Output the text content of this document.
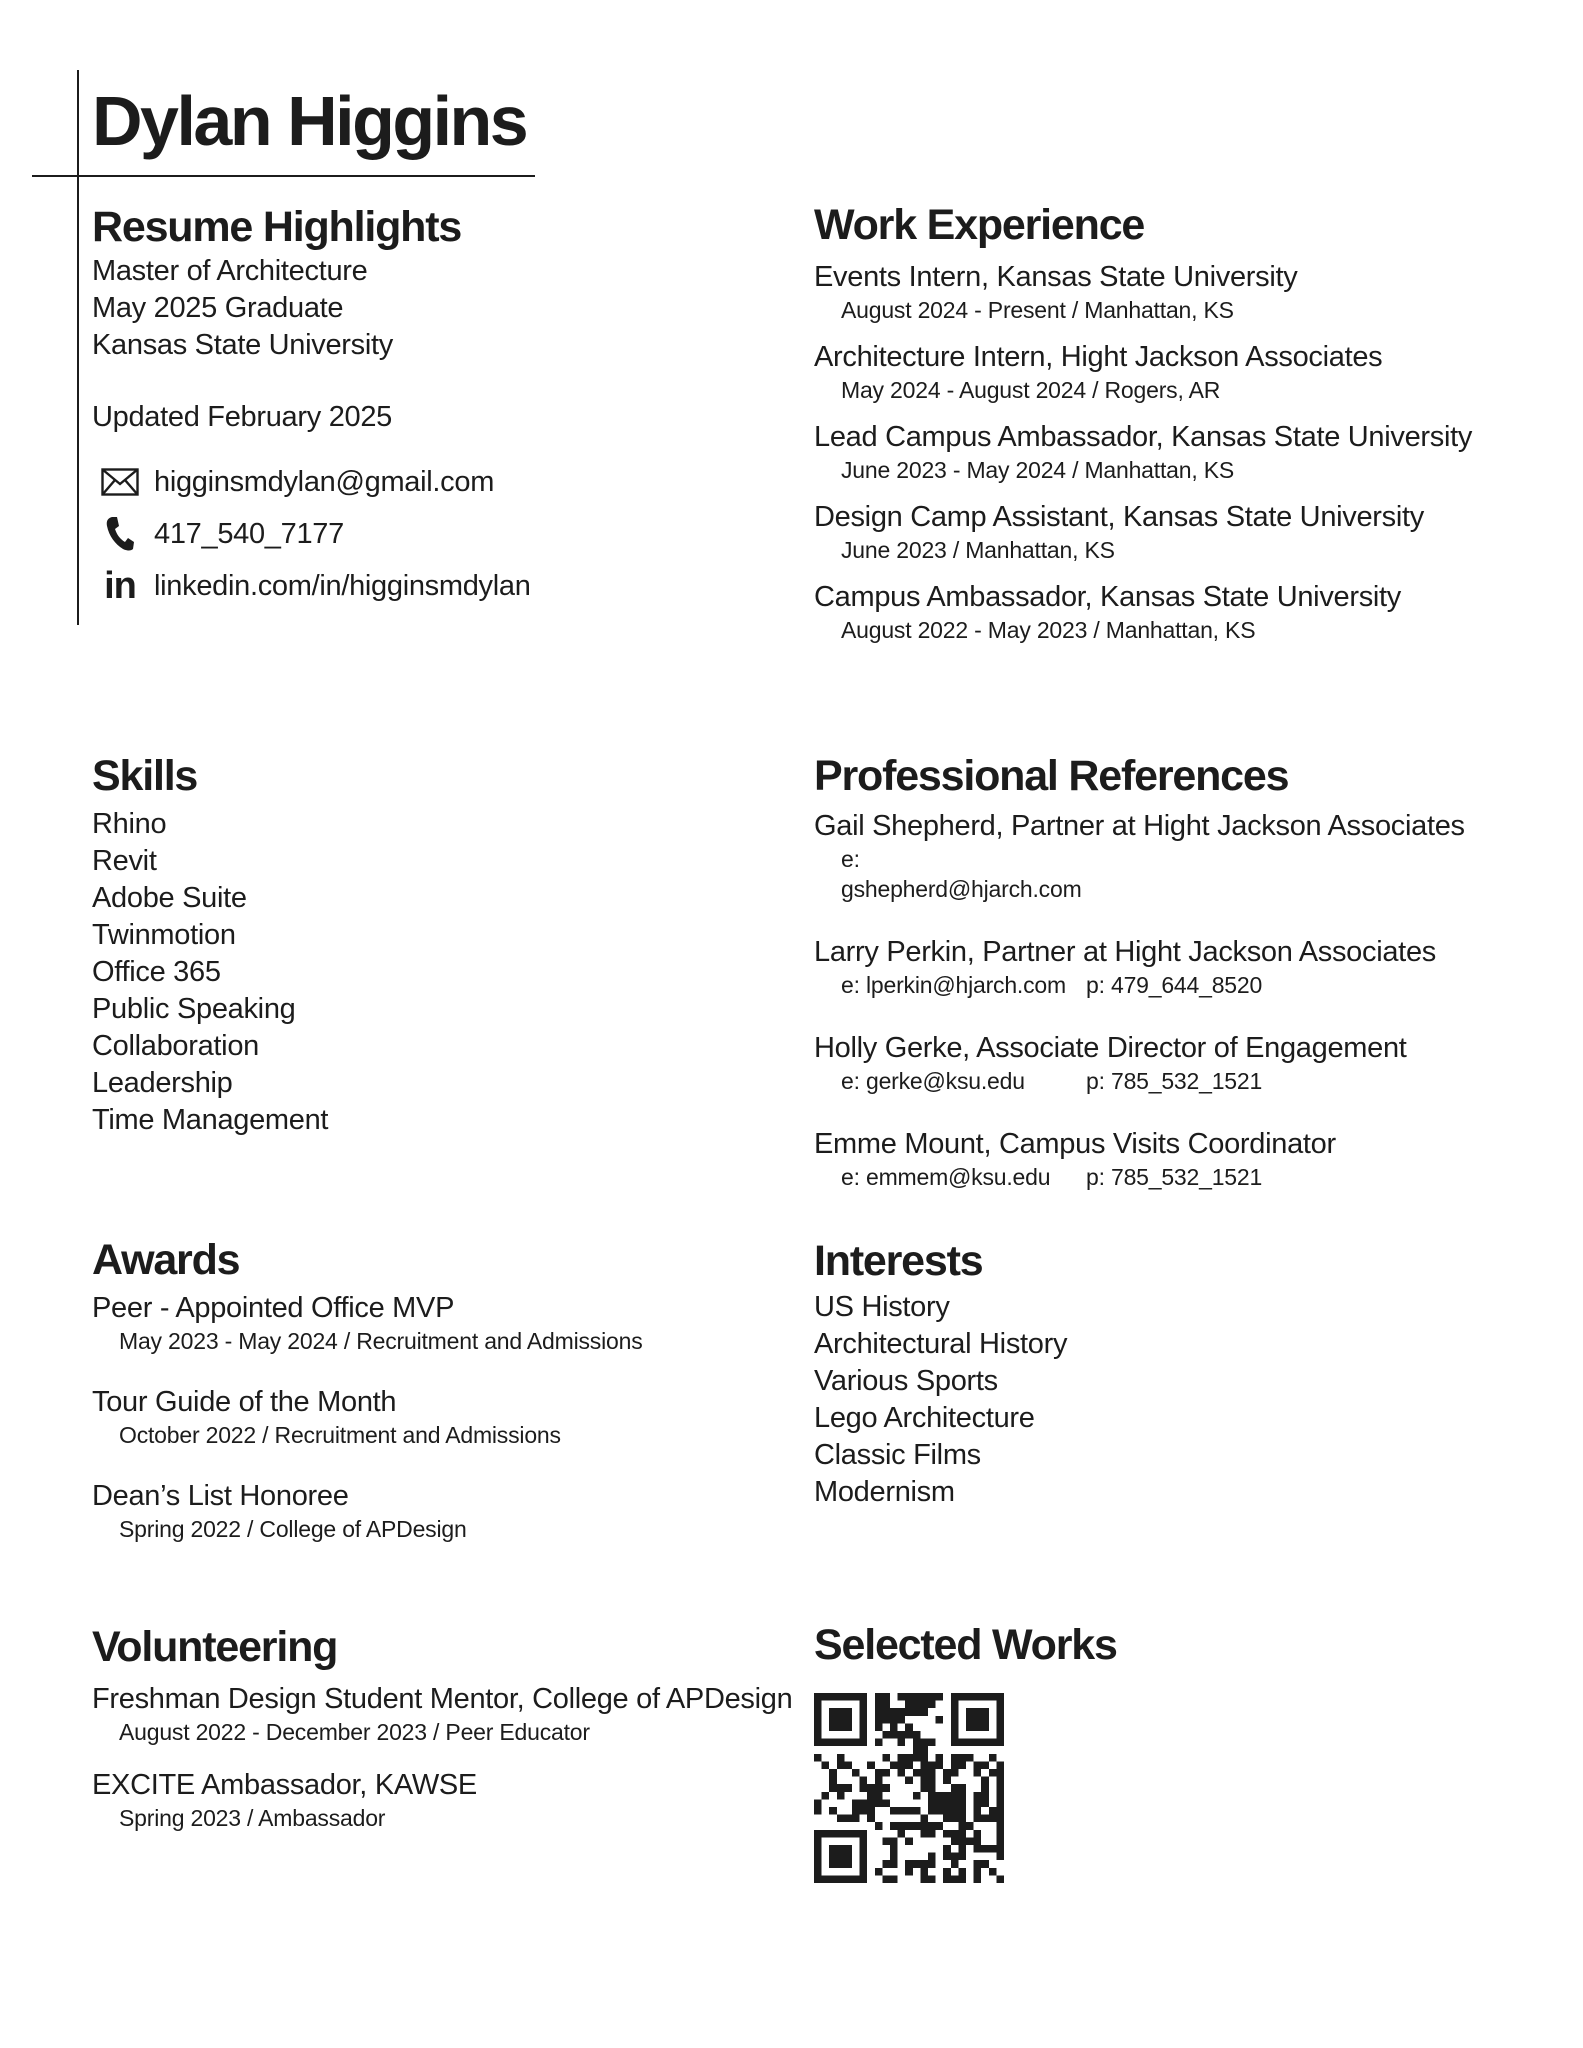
Dylan Higgins
Resume Highlights
Master of Architecture
May 2025 Graduate
Kansas State University
Updated February 2025
higginsmdylan@gmail.com
417_540_7177
in linkedin.com/in/higginsmdylan
Work Experience
Events Intern, Kansas State University
August 2024 - Present / Manhattan, KS
Architecture Intern, Hight Jackson Associates
May 2024 - August 2024 / Rogers, AR
Lead Campus Ambassador, Kansas State University
June 2023 - May 2024 / Manhattan, KS
Design Camp Assistant, Kansas State University
June 2023 / Manhattan, KS
Campus Ambassador, Kansas State University
August 2022 - May 2023 / Manhattan, KS
Skills
Rhino
Revit
Adobe Suite
Twinmotion
Office 365
Public Speaking
Collaboration
Leadership
Time Management
Professional References
Gail Shepherd, Partner at Hight Jackson Associates
e: gshepherd@hjarch.com
Larry Perkin, Partner at Hight Jackson Associates
e: lperkin@hjarch.com p: 479_644_8520
Holly Gerke, Associate Director of Engagement
e: gerke@ksu.edu	p: 785_532_1521
Emme Mount, Campus Visits Coordinator
e: emmem@ksu.edu p: 785_532_1521
Awards
Peer - Appointed Office MVP
May 2023 - May 2024 / Recruitment and Admissions
Tour Guide of the Month
October 2022 / Recruitment and Admissions
Dean’s List Honoree
Spring 2022 / College of APDesign
Interests
US History
Architectural History
Various Sports
Lego Architecture
Classic Films
Modernism
Volunteering
Freshman Design Student Mentor, College of APDesign
August 2022 - December 2023 / Peer Educator
EXCITE Ambassador, KAWSE
Spring 2023 / Ambassador
Selected Works
